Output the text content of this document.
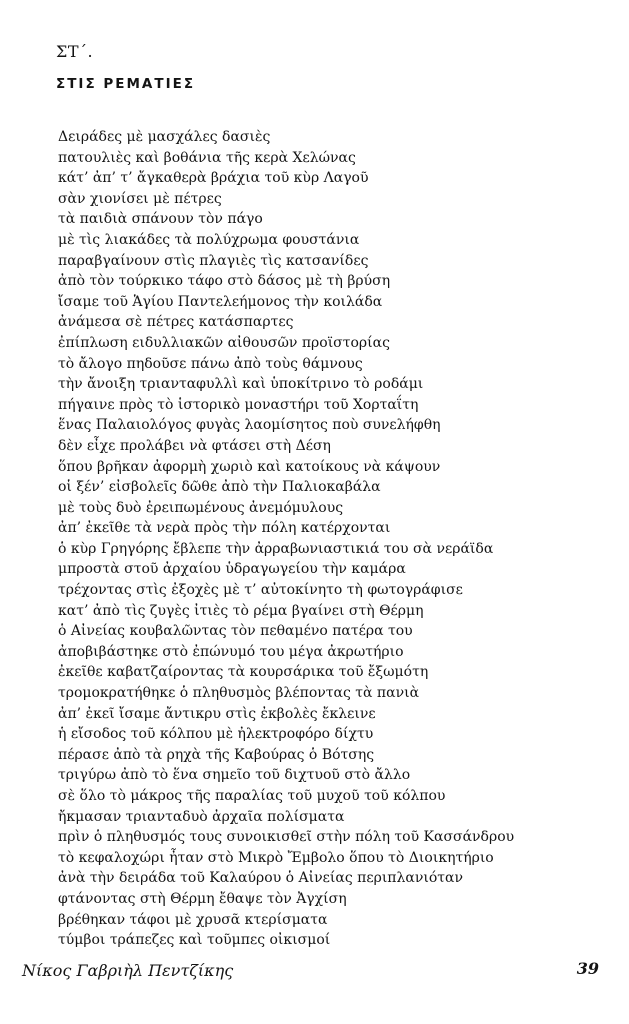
ΣΤ΄.
ΣΤΙΣ ΡΕΜΑΤΙΕΣ
Δειράδες μὲ μασχάλες δασιὲς
πατουλιὲς καὶ βοθάνια τῆς κερὰ Χελώνας
κάτ’ ἀπ’ τ’ ἄγκαθερὰ βράχια τοῦ κὺρ Λαγοῦ
σὰν χιονίσει μὲ πέτρες
τὰ παιδιὰ σπάνουν τὸν πάγο
μὲ τὶς λιακάδες τὰ πολύχρωμα φουστάνια
παραβγαίνουν στὶς πλαγιὲς τὶς κατσανίδες
ἀπὸ τὸν τούρκικο τάφο στὸ δάσος μὲ τὴ βρύση
ἴσαμε τοῦ Ἁγίου Παντελεήμονος τὴν κοιλάδα
ἀνάμεσα σὲ πέτρες κατάσπαρτες
ἐπίπλωση ειδυλλιακῶν αἰθουσῶν προϊστορίας
τὸ ἄλογο πηδοῦσε πάνω ἀπὸ τοὺς θάμνους
τὴν ἄνοιξη τριανταφυλλὶ καὶ ὑποκίτρινο τὸ ροδάμι
πήγαινε πρὸς τὸ ἱστορικὸ μοναστήρι τοῦ Χορταΐτη
ἕνας Παλαιολόγος φυγὰς λαομίσητος ποὺ συνελήφθη
δὲν εἶχε προλάβει νὰ φτάσει στὴ Δέση
ὅπου βρῆκαν ἀφορμὴ χωριὸ καὶ κατοίκους νὰ κάψουν
οἱ ξέν’ εἰσβολεῖς δῶθε ἀπὸ τὴν Παλιοκαβάλα
μὲ τοὺς δυὸ ἐρειπωμένους ἀνεμόμυλους
ἀπ’ ἐκεῖθε τὰ νερὰ πρὸς τὴν πόλη κατέρχονται
ὁ κὺρ Γρηγόρης ἔβλεπε τὴν ἀρραβωνιαστικιά του σὰ νεράϊδα
μπροστὰ στοῦ ἀρχαίου ὑδραγωγείου τὴν καμάρα
τρέχοντας στὶς ἐξοχὲς μὲ τ’ αὐτοκίνητο τὴ φωτογράφισε
κατ’ ἀπὸ τὶς ζυγὲς ἰτιὲς τὸ ρέμα βγαίνει στὴ Θέρμη
ὁ Αἰνείας κουβαλῶντας τὸν πεθαμένο πατέρα του
ἀποβιβάστηκε στὸ ἐπώνυμό του μέγα ἀκρωτήριο
ἐκεῖθε καβατζαίροντας τὰ κουρσάρικα τοῦ ἔξωμότη
τρομοκρατήθηκε ὁ πληθυσμὸς βλέποντας τὰ πανιὰ
ἀπ’ ἐκεῖ ἴσαμε ἄντικρυ στὶς ἐκβολὲς ἔκλεινε
ἡ εἴσοδος τοῦ κόλπου μὲ ἠλεκτροφόρο δίχτυ
πέρασε ἀπὸ τὰ ρηχὰ τῆς Καβούρας ὁ Βότσης
τριγύρω ἀπὸ τὸ ἕνα σημεῖο τοῦ διχτυοῦ στὸ ἄλλο
σὲ ὅλο τὸ μάκρος τῆς παραλίας τοῦ μυχοῦ τοῦ κόλπου
ἤκμασαν τριανταδυὸ ἀρχαῖα πολίσματα
πρὶν ὁ πληθυσμός τους συνοικισθεῖ στὴν πόλη τοῦ Κασσάνδρου
τὸ κεφαλοχώρι ἦταν στὸ Μικρὸ Ἔμβολο ὅπου τὸ Διοικητήριο
ἀνὰ τὴν δειράδα τοῦ Καλαύρου ὁ Αἰνείας περιπλανιόταν
φτάνοντας στὴ Θέρμη ἔθαψε τὸν Ἀγχίση
βρέθηκαν τάφοι μὲ χρυσᾶ κτερίσματα
τύμβοι τράπεζες καὶ τοῦμπες οἰκισμοί
Νίκος Γαβριὴλ Πεντζίκης	39
